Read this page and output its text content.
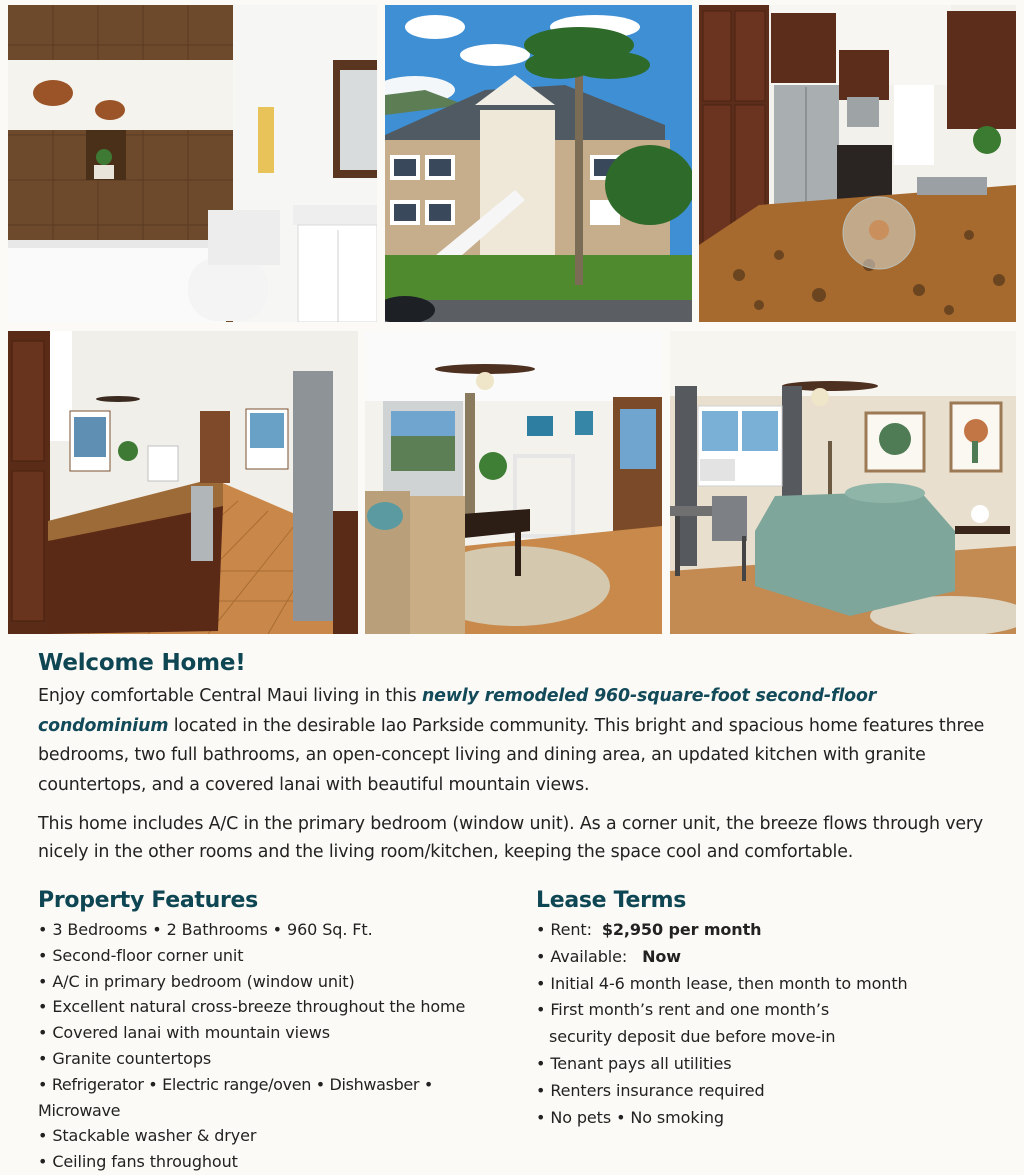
Welcome Home!

Enjoy comfortable Central Maui living in this newly remodeled 960-square-foot second-floor condominium located in the desirable Iao Parkside community. This bright and spacious home features three bedrooms, two full bathrooms, an open-concept living and dining area, an updated kitchen with granite countertops, and a covered lanai with beautiful mountain views.

This home includes A/C in the primary bedroom (window unit). As a corner unit, the breeze flows through very nicely in the other rooms and the living room/kitchen, keeping the space cool and comfortable.

Property Features
• 3 Bedrooms • 2 Bathrooms • 960 Sq. Ft.
• Second-floor corner unit
• A/C in primary bedroom (window unit)
• Excellent natural cross-breeze throughout the home
• Covered lanai with mountain views
• Granite countertops
• Refrigerator • Electric range/oven • Dishwasber • Microwave
• Stackable washer & dryer
• Ceiling fans throughout
Lease Terms
• Rent: $2,950 per month
• Available: Now
• Initial 4-6 month lease, then month to month
• First month’s rent and one month’s
security deposit due before move-in
• Tenant pays all utilities
• Renters insurance required
• No pets • No smoking
